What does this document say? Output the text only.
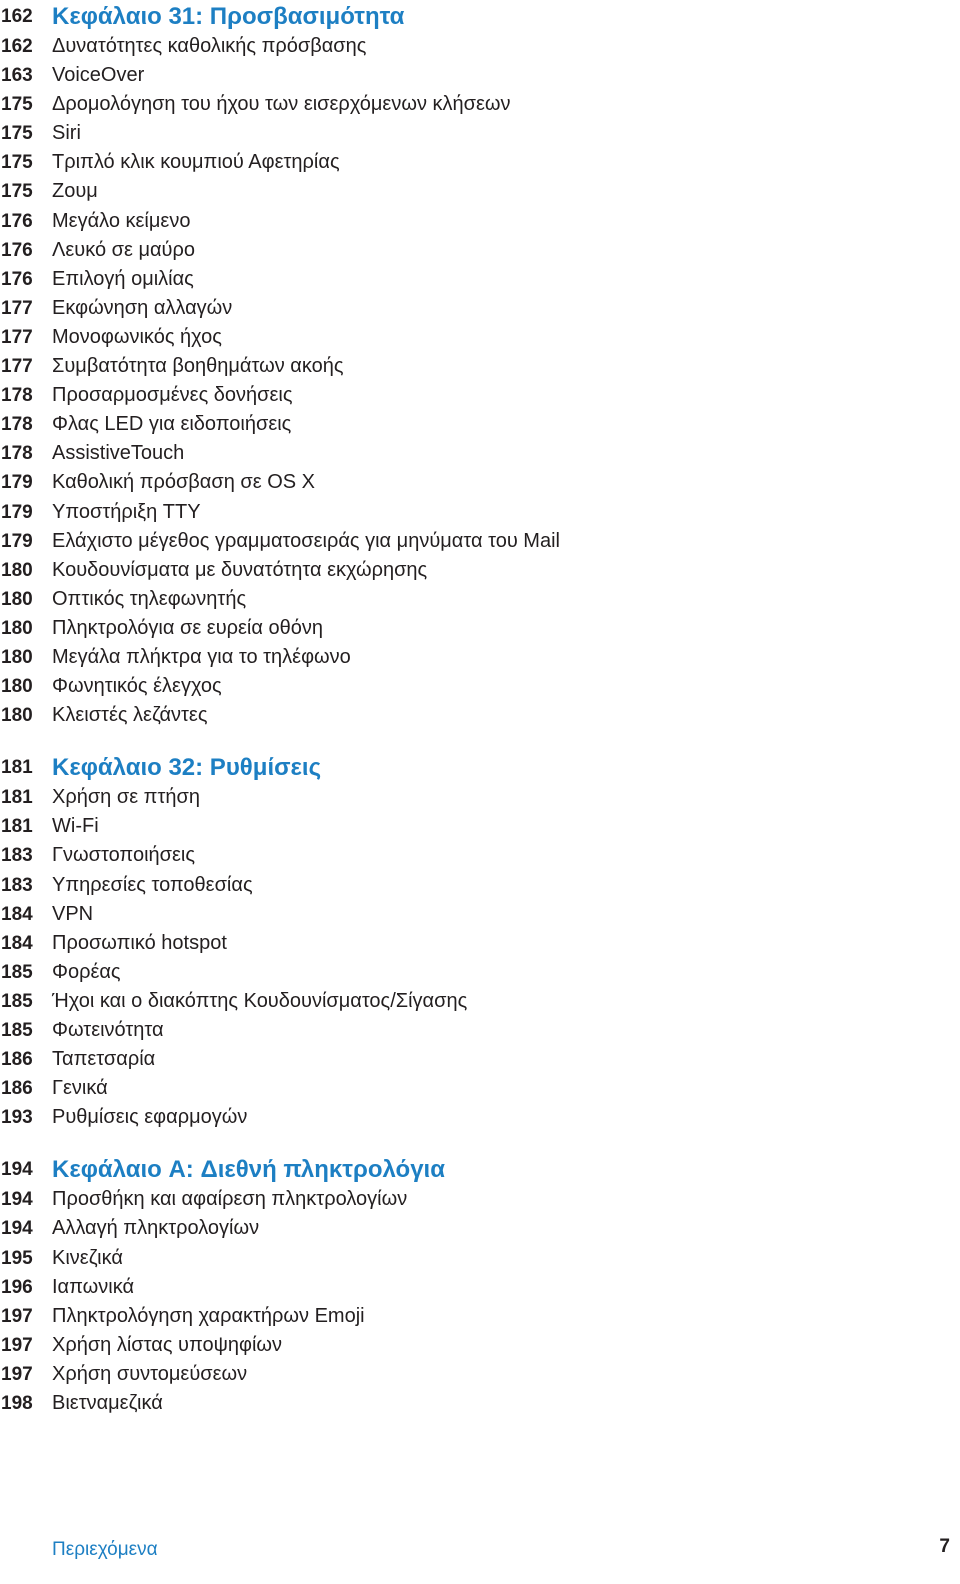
162 Κεφάλαιο 31: Προσβασιμότητα
162 Δυνατότητες καθολικής πρόσβασης
163 VoiceOver
175 Δρομολόγηση του ήχου των εισερχόμενων κλήσεων
175 Siri
175 Τριπλό κλικ κουμπιού Αφετηρίας
175 Ζουμ
176 Μεγάλο κείμενο
176 Λευκό σε μαύρο
176 Επιλογή ομιλίας
177 Εκφώνηση αλλαγών
177 Μονοφωνικός ήχος
177 Συμβατότητα βοηθημάτων ακοής
178 Προσαρμοσμένες δονήσεις
178 Φλας LED για ειδοποιήσεις
178 AssistiveTouch
179 Καθολική πρόσβαση σε OS X
179 Υποστήριξη TTY
179 Ελάχιστο μέγεθος γραμματοσειράς για μηνύματα του Mail
180 Κουδουνίσματα με δυνατότητα εκχώρησης
180 Οπτικός τηλεφωνητής
180 Πληκτρολόγια σε ευρεία οθόνη
180 Μεγάλα πλήκτρα για το τηλέφωνο
180 Φωνητικός έλεγχος
180 Κλειστές λεζάντες
181 Κεφάλαιο 32: Ρυθμίσεις
181 Χρήση σε πτήση
181 Wi-Fi
183 Γνωστοποιήσεις
183 Υπηρεσίες τοποθεσίας
184 VPN
184 Προσωπικό hotspot
185 Φορέας
185 Ήχοι και ο διακόπτης Κουδουνίσματος/Σίγασης
185 Φωτεινότητα
186 Ταπετσαρία
186 Γενικά
193 Ρυθμίσεις εφαρμογών
194 Κεφάλαιο A: Διεθνή πληκτρολόγια
194 Προσθήκη και αφαίρεση πληκτρολογίων
194 Αλλαγή πληκτρολογίων
195 Κινεζικά
196 Ιαπωνικά
197 Πληκτρολόγηση χαρακτήρων Emoji
197 Χρήση λίστας υποψηφίων
197 Χρήση συντομεύσεων
198 Βιετναμεζικά
Περιεχόμενα	7
